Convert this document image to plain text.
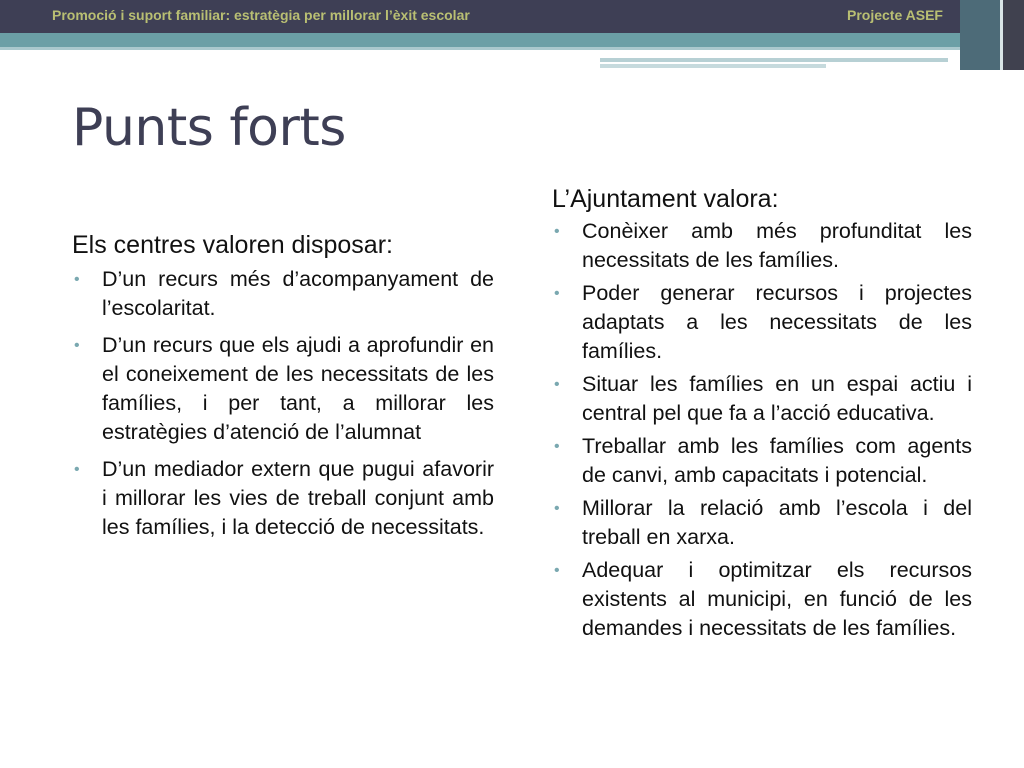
Promoció i suport familiar: estratègia per millorar l’èxit escolar	Projecte ASEF
Punts forts
Els centres valoren disposar:
• D’un recurs més d’acompanyament de l’escolaritat.
• D’un recurs que els ajudi a aprofundir en el coneixement de les necessitats de les famílies, i per tant, a millorar les estratègies d’atenció de l’alumnat
• D’un mediador extern que pugui afavorir i millorar les vies de treball conjunt amb les famílies, i la detecció de necessitats.
L’Ajuntament valora:
• Conèixer amb més profunditat les necessitats de les famílies.
• Poder generar recursos i projectes adaptats a les necessitats de les famílies.
• Situar les famílies en un espai actiu i central pel que fa a l’acció educativa.
• Treballar amb les famílies com agents de canvi, amb capacitats i potencial.
• Millorar la relació amb l’escola i del treball en xarxa.
• Adequar i optimitzar els recursos existents al municipi, en funció de les demandes i necessitats de les famílies.
